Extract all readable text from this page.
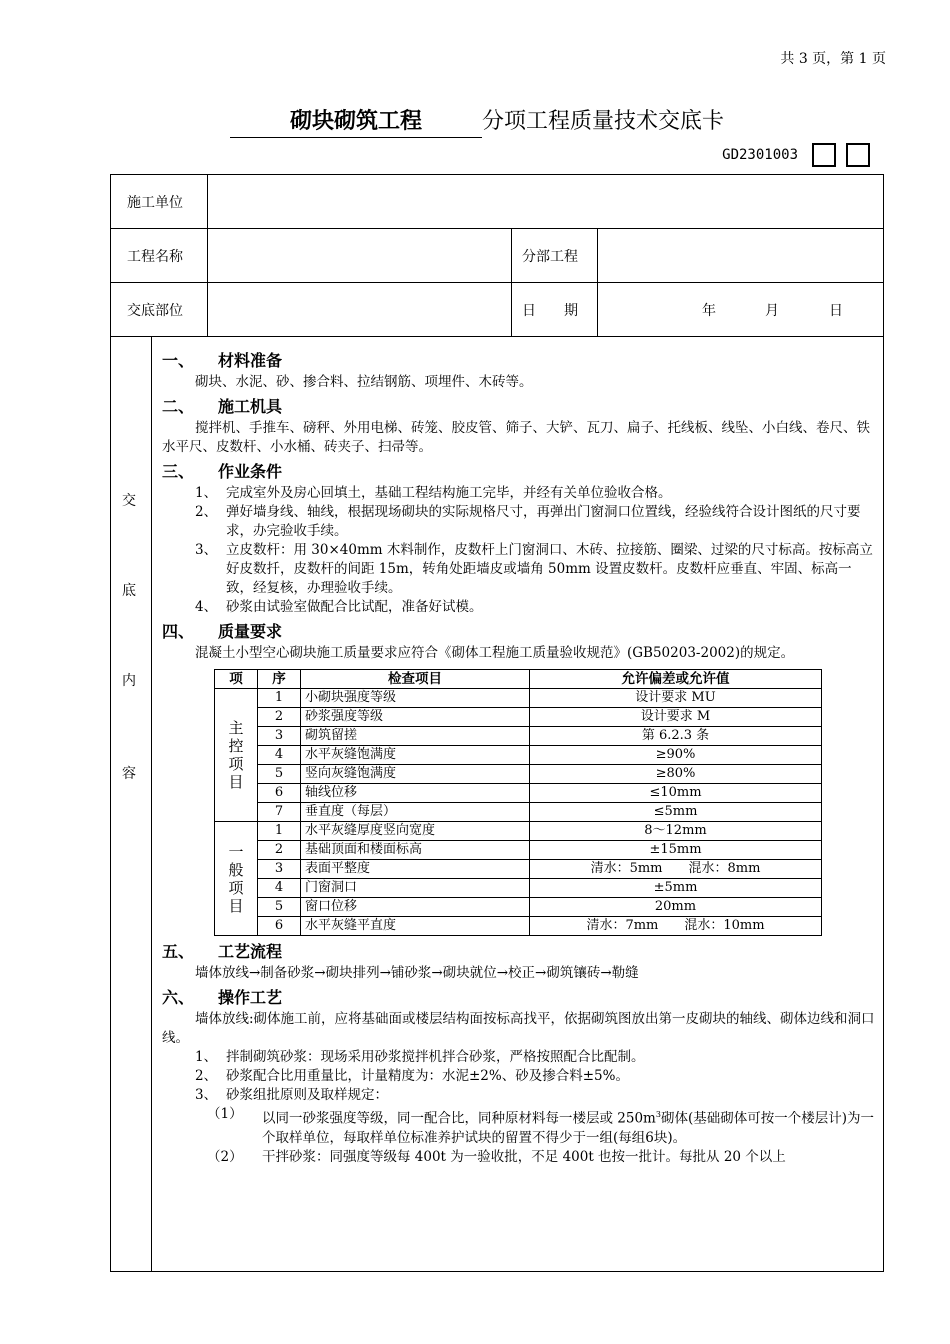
共 3 页，第 1 页
砌块砌筑工程	分项工程质量技术交底卡
GD2301003
施工单位
工程名称	分部工程
交底部位	日　　期	年	月	日
交
底
内
容
一、 材料准备
砌块、水泥、砂、掺合料、拉结钢筋、项埋件、木砖等。
二、 施工机具
搅拌机、手推车、磅秤、外用电梯、砖笼、胶皮管、筛子、大铲、瓦刀、扁子、托线板、线坠、小白线、卷尺、铁水平尺、皮数杆、小水桶、砖夹子、扫帚等。
三、 作业条件
1、 完成室外及房心回填土，基础工程结构施工完毕，并经有关单位验收合格。
2、 弹好墙身线、轴线，根据现场砌块的实际规格尺寸，再弹出门窗洞口位置线，经验线符合设计图纸的尺寸要求，办完验收手续。
3、 立皮数杆：用 30×40mm 木料制作，皮数杆上门窗洞口、木砖、拉接筋、圈梁、过梁的尺寸标高。按标高立好皮数扦，皮数杆的间距 15m，转角处距墙皮或墙角 50mm 设置皮数杆。皮数杆应垂直、牢固、标高一致，经复核，办理验收手续。
4、 砂浆由试验室做配合比试配，准备好试模。
四、 质量要求
混凝土小型空心砌块施工质量要求应符合《砌体工程施工质量验收规范》(GB50203-2002)的规定。
项	序	检查项目	允许偏差或允许值

主
控
项
目	1	小砌块强度等级	设计要求 MU
	2	砂浆强度等级	设计要求 M
	3	砌筑留搓	第 6.2.3 条
	4	水平灰缝饱满度	≥90%
	5	竖向灰缝饱满度	≥80%
	6	轴线位移	≤10mm
	7	垂直度（每层）	≤5mm

一
般
项
目	1	水平灰缝厚度竖向宽度	8～12mm
	2	基础顶面和楼面标高	±15mm
	3	表面平整度	清水：5mm　　混水：8mm
	4	门窗洞口	±5mm
	5	窗口位移	20mm
	6	水平灰缝平直度	清水：7mm　　混水：10mm
五、 工艺流程
墙体放线→制备砂浆→砌块排列→铺砂浆→砌块就位→校正→砌筑镶砖→勒缝
六、 操作工艺
墙体放线:砌体施工前，应将基础面或楼层结构面按标高找平，依据砌筑图放出第一皮砌块的轴线、砌体边线和洞口线。
1、 拌制砌筑砂浆：现场采用砂浆搅拌机拌合砂浆，严格按照配合比配制。
2、 砂浆配合比用重量比，计量精度为：水泥±2%、砂及掺合料±5%。
3、 砂浆组批原则及取样规定：
（1）	以同一砂浆强度等级，同一配合比，同种原材料每一楼层或 $250m^3$砌体(基础砌体可按一个楼层计)为一个取样单位，每取样单位标准养护试块的留置不得少于一组(每组6块)。
（2）	干拌砂浆：同强度等级每 400t 为一验收批，不足 400t 也按一批计。每批从 20 个以上
